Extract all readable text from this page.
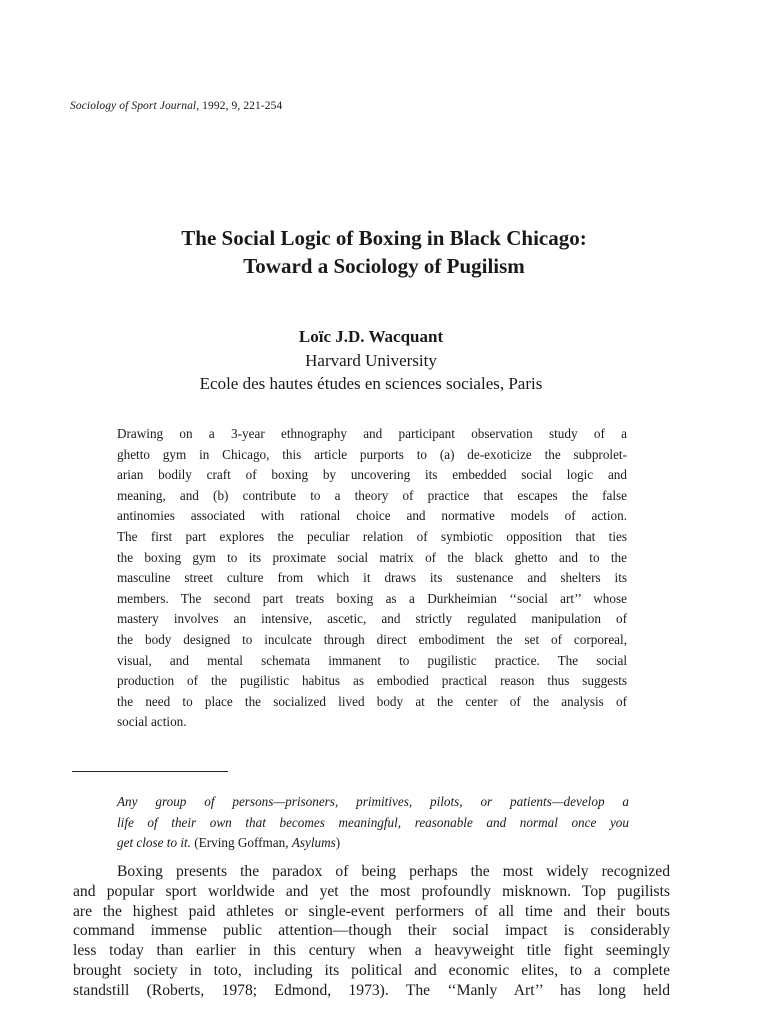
Sociology of Sport Journal, 1992, 9, 221-254
The Social Logic of Boxing in Black Chicago:
Toward a Sociology of Pugilism
Loïc J.D. Wacquant
Harvard University
Ecole des hautes études en sciences sociales, Paris
Drawing on a 3-year ethnography and participant observation study of a
ghetto gym in Chicago, this article purports to (a) de-exoticize the subprolet-
arian bodily craft of boxing by uncovering its embedded social logic and
meaning, and (b) contribute to a theory of practice that escapes the false
antinomies associated with rational choice and normative models of action.
The first part explores the peculiar relation of symbiotic opposition that ties
the boxing gym to its proximate social matrix of the black ghetto and to the
masculine street culture from which it draws its sustenance and shelters its
members. The second part treats boxing as a Durkheimian ‘‘social art’’ whose
mastery involves an intensive, ascetic, and strictly regulated manipulation of
the body designed to inculcate through direct embodiment the set of corporeal,
visual, and mental schemata immanent to pugilistic practice. The social
production of the pugilistic habitus as embodied practical reason thus suggests
the need to place the socialized lived body at the center of the analysis of
social action.
Any group of persons—prisoners, primitives, pilots, or patients—develop a
life of their own that becomes meaningful, reasonable and normal once you
get close to it. (Erving Goffman, Asylums)
Boxing presents the paradox of being perhaps the most widely recognized
and popular sport worldwide and yet the most profoundly misknown. Top pugilists
are the highest paid athletes or single-event performers of all time and their bouts
command immense public attention—though their social impact is considerably
less today than earlier in this century when a heavyweight title fight seemingly
brought society in toto, including its political and economic elites, to a complete
standstill (Roberts, 1978; Edmond, 1973). The ‘‘Manly Art’’ has long held
